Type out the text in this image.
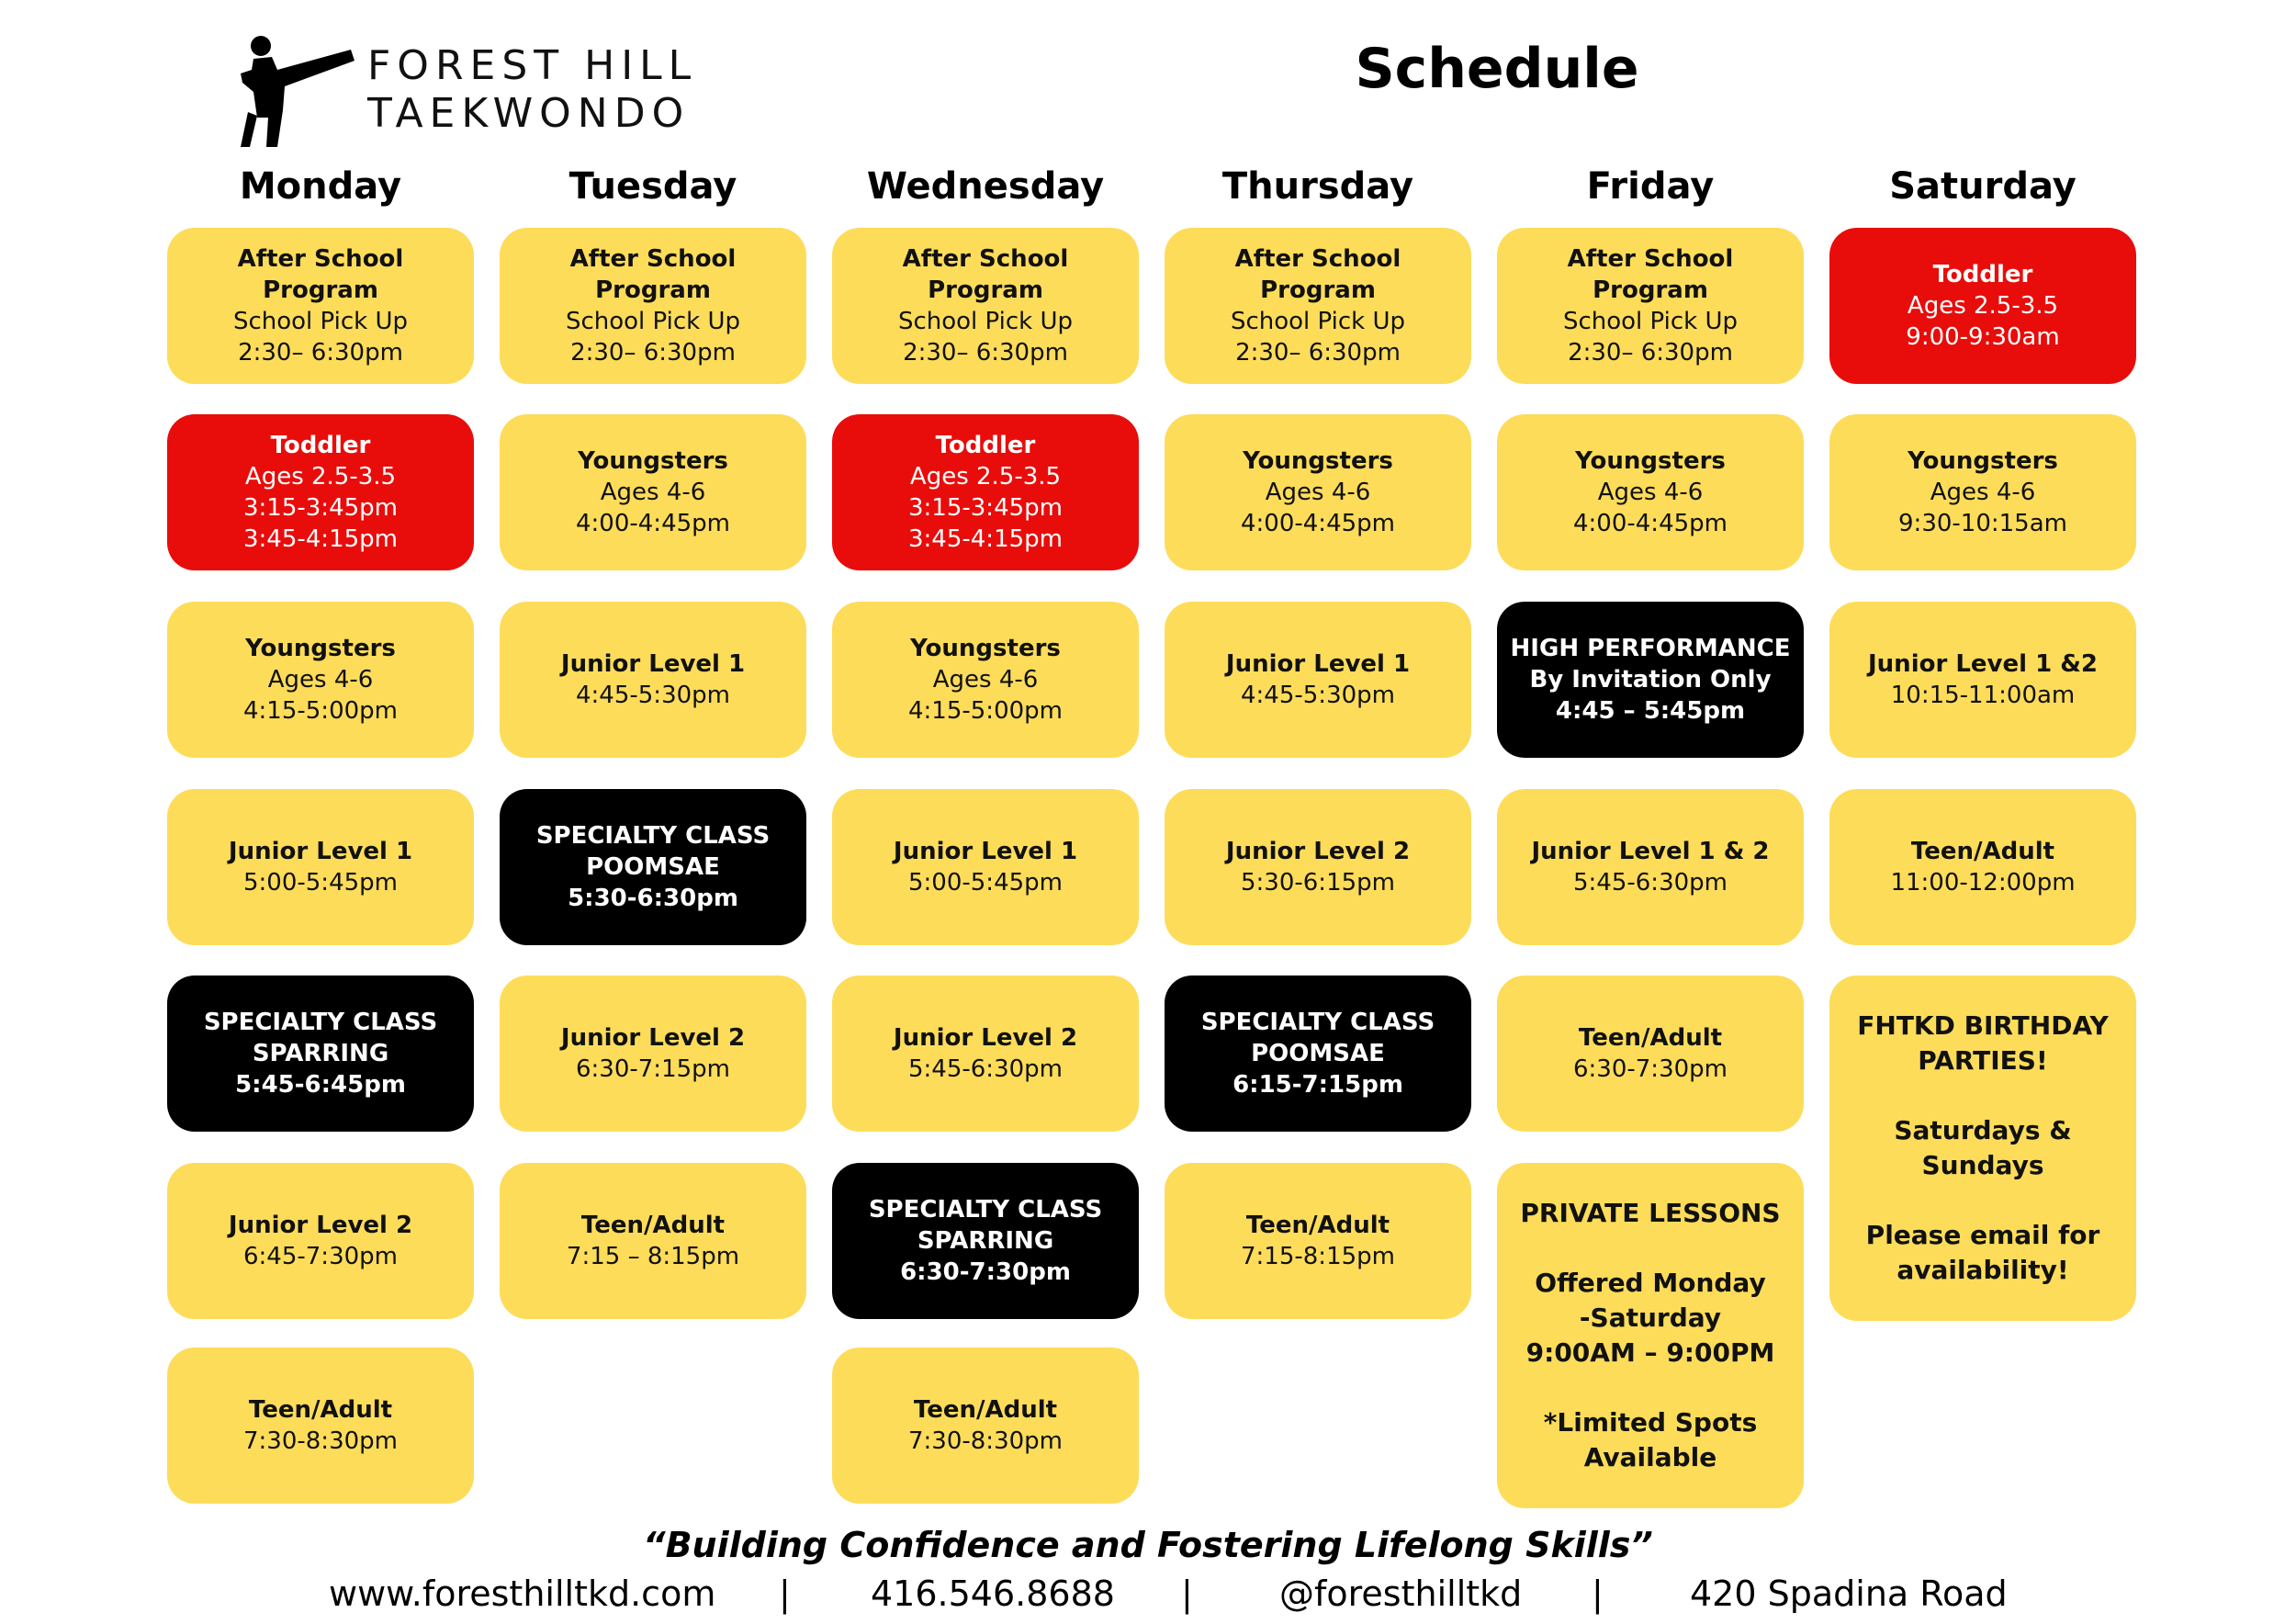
FOREST HILL
TAEKWONDO
Schedule
Monday
After School Program
School Pick Up
2:30– 6:30pm
Toddler
Ages 2.5-3.5
3:15-3:45pm
3:45-4:15pm
Youngsters
Ages 4-6
4:15-5:00pm
Junior Level 1
5:00-5:45pm
SPECIALTY CLASS
SPARRING
5:45-6:45pm
Junior Level 2
6:45-7:30pm
Teen/Adult
7:30-8:30pm
Tuesday
After School Program
School Pick Up
2:30– 6:30pm
Youngsters
Ages 4-6
4:00-4:45pm
Junior Level 1
4:45-5:30pm
SPECIALTY CLASS
POOMSAE
5:30-6:30pm
Junior Level 2
6:30-7:15pm
Teen/Adult
7:15 – 8:15pm
Wednesday
After School Program
School Pick Up
2:30– 6:30pm
Toddler
Ages 2.5-3.5
3:15-3:45pm
3:45-4:15pm
Youngsters
Ages 4-6
4:15-5:00pm
Junior Level 1
5:00-5:45pm
Junior Level 2
5:45-6:30pm
SPECIALTY CLASS
SPARRING
6:30-7:30pm
Teen/Adult
7:30-8:30pm
Thursday
After School Program
School Pick Up
2:30– 6:30pm
Youngsters
Ages 4-6
4:00-4:45pm
Junior Level 1
4:45-5:30pm
Junior Level 2
5:30-6:15pm
SPECIALTY CLASS
POOMSAE
6:15-7:15pm
Teen/Adult
7:15-8:15pm
Friday
After School Program
School Pick Up
2:30– 6:30pm
Youngsters
Ages 4-6
4:00-4:45pm
HIGH PERFORMANCE
By Invitation Only
4:45 – 5:45pm
Junior Level 1 & 2
5:45-6:30pm
Teen/Adult
6:30-7:30pm
PRIVATE LESSONS
Offered Monday
-Saturday
9:00AM – 9:00PM
*Limited Spots
Available
Saturday
Toddler
Ages 2.5-3.5
9:00-9:30am
Youngsters
Ages 4-6
9:30-10:15am
Junior Level 1 &2
10:15-11:00am
Teen/Adult
11:00-12:00pm
FHTKD BIRTHDAY
PARTIES!
Saturdays &
Sundays
Please email for
availability!
“Building Confidence and Fostering Lifelong Skills”
www.foresthilltkd.com | 416.546.8688 | @foresthilltkd | 420 Spadina Road
